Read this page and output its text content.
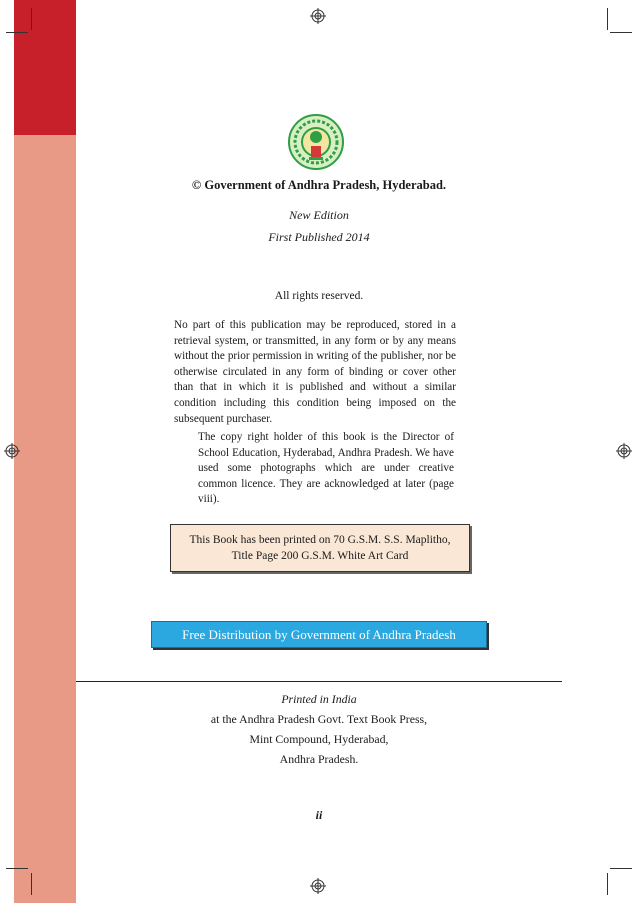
© Government of Andhra Pradesh, Hyderabad.
New Edition
First Published 2014
All rights reserved.
No part of this publication may be reproduced, stored in a retrieval system, or transmitted, in any form or by any means without the prior permission in writing of the publisher, nor be otherwise circulated in any form of binding or cover other than that in which it is published and without a similar condition including this condition being imposed on the subsequent purchaser.
The copy right holder of this book is the Director of School Education, Hyderabad, Andhra Pradesh. We have used some photographs which are under creative common licence. They are acknowledged at later (page viii).
This Book has been printed on 70 G.S.M. S.S. Maplitho,
Title Page 200 G.S.M. White Art Card
Free Distribution by Government of Andhra Pradesh
Printed in India
at the Andhra Pradesh Govt. Text Book Press,
Mint Compound, Hyderabad,
Andhra Pradesh.
ii
